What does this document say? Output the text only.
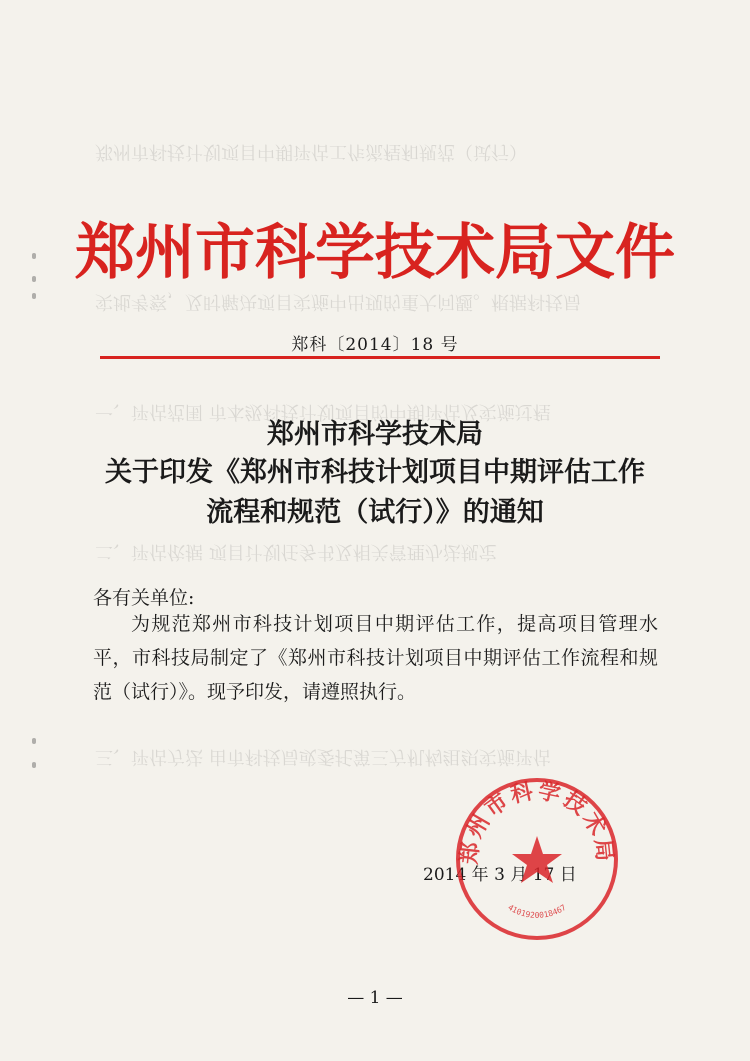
郑州市科技计划项目中期评估工作流程和规范（试行）
实地考察，及时解决项目实施中出现的重大问题。根据科技局
一、评估范围 市本级科技计划项目的中期评估及实施过程
二、评估依据 项目计划任务书及相关管理办法规定
三、评估方法 由市科技局或委托第三方机构组织实施评估
郑州市科学技术局文件
郑科〔2014〕18 号
郑州市科学技术局
关于印发《郑州市科技计划项目中期评估工作
流程和规范（试行）》的通知
各有关单位:
为规范郑州市科技计划项目中期评估工作，提高项目管理水平，市科技局制定了《郑州市科技计划项目中期评估工作流程和规范（试行）》。现予印发，请遵照执行。
2014 年 3 月 17 日
郑州市科学技术局
4101920018467
— 1 —
